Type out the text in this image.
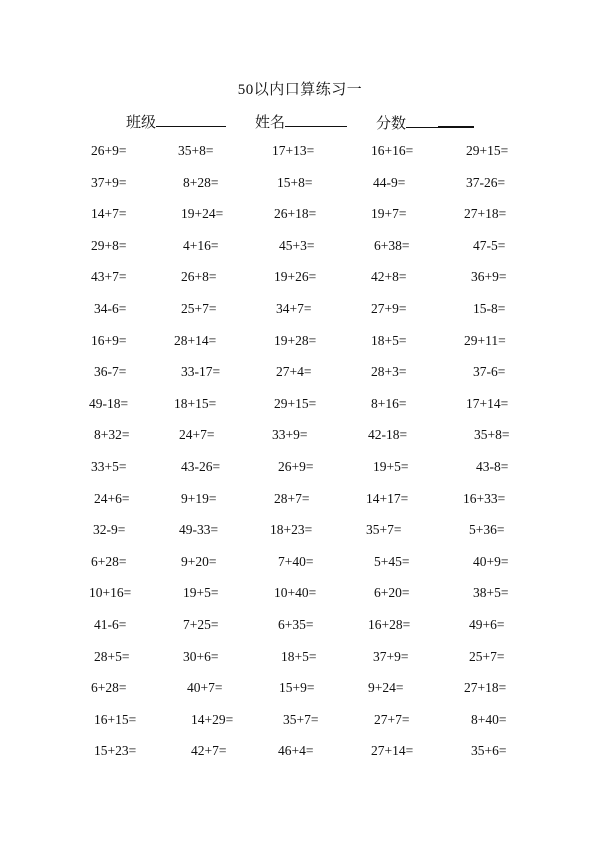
50以内口算练习一
班级	姓名	分数
26+9=	35+8=	17+13=	16+16=	29+15=
37+9=	8+28=	15+8=	44-9=	37-26=
14+7=	19+24=	26+18=	19+7=	27+18=
29+8=	4+16=	45+3=	6+38=	47-5=
43+7=	26+8=	19+26=	42+8=	36+9=
34-6=	25+7=	34+7=	27+9=	15-8=
16+9=	28+14=	19+28=	18+5=	29+11=
36-7=	33-17=	27+4=	28+3=	37-6=
49-18=	18+15=	29+15=	8+16=	17+14=
8+32=	24+7=	33+9=	42-18=	35+8=
33+5=	43-26=	26+9=	19+5=	43-8=
24+6=	9+19=	28+7=	14+17=	16+33=
32-9=	49-33=	18+23=	35+7=	5+36=
6+28=	9+20=	7+40=	5+45=	40+9=
10+16=	19+5=	10+40=	6+20=	38+5=
41-6=	7+25=	6+35=	16+28=	49+6=
28+5=	30+6=	18+5=	37+9=	25+7=
6+28=	40+7=	15+9=	9+24=	27+18=
16+15=	14+29=	35+7=	27+7=	8+40=
15+23=	42+7=	46+4=	27+14=	35+6=
